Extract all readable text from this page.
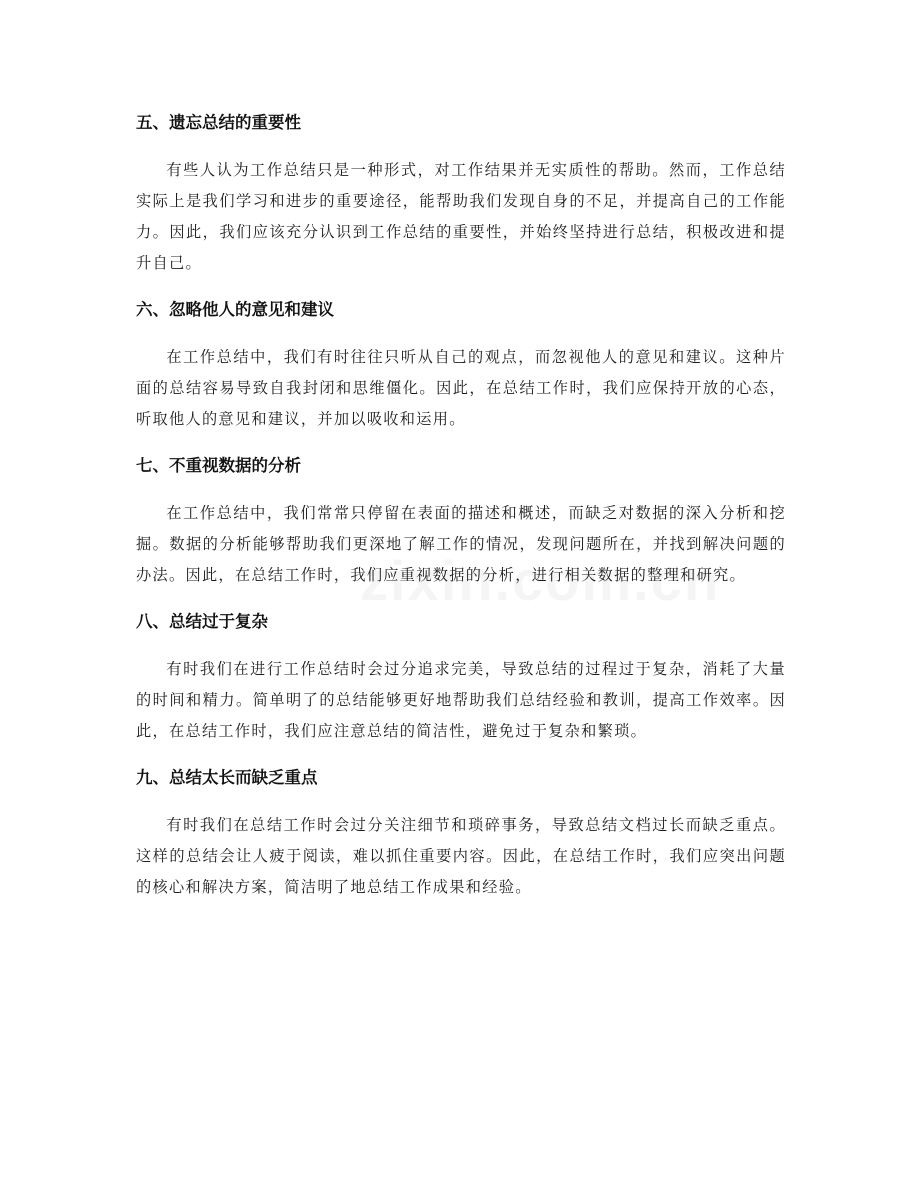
五、遗忘总结的重要性

有些人认为工作总结只是一种形式，对工作结果并无实质性的帮助。然而，工作总结实际上是我们学习和进步的重要途径，能帮助我们发现自身的不足，并提高自己的工作能力。因此，我们应该充分认识到工作总结的重要性，并始终坚持进行总结，积极改进和提升自己。

六、忽略他人的意见和建议

在工作总结中，我们有时往往只听从自己的观点，而忽视他人的意见和建议。这种片面的总结容易导致自我封闭和思维僵化。因此，在总结工作时，我们应保持开放的心态，听取他人的意见和建议，并加以吸收和运用。

七、不重视数据的分析

在工作总结中，我们常常只停留在表面的描述和概述，而缺乏对数据的深入分析和挖掘。数据的分析能够帮助我们更深地了解工作的情况，发现问题所在，并找到解决问题的办法。因此，在总结工作时，我们应重视数据的分析，进行相关数据的整理和研究。

八、总结过于复杂

有时我们在进行工作总结时会过分追求完美，导致总结的过程过于复杂，消耗了大量的时间和精力。简单明了的总结能够更好地帮助我们总结经验和教训，提高工作效率。因此，在总结工作时，我们应注意总结的简洁性，避免过于复杂和繁琐。

九、总结太长而缺乏重点

有时我们在总结工作时会过分关注细节和琐碎事务，导致总结文档过长而缺乏重点。这样的总结会让人疲于阅读，难以抓住重要内容。因此，在总结工作时，我们应突出问题的核心和解决方案，简洁明了地总结工作成果和经验。
